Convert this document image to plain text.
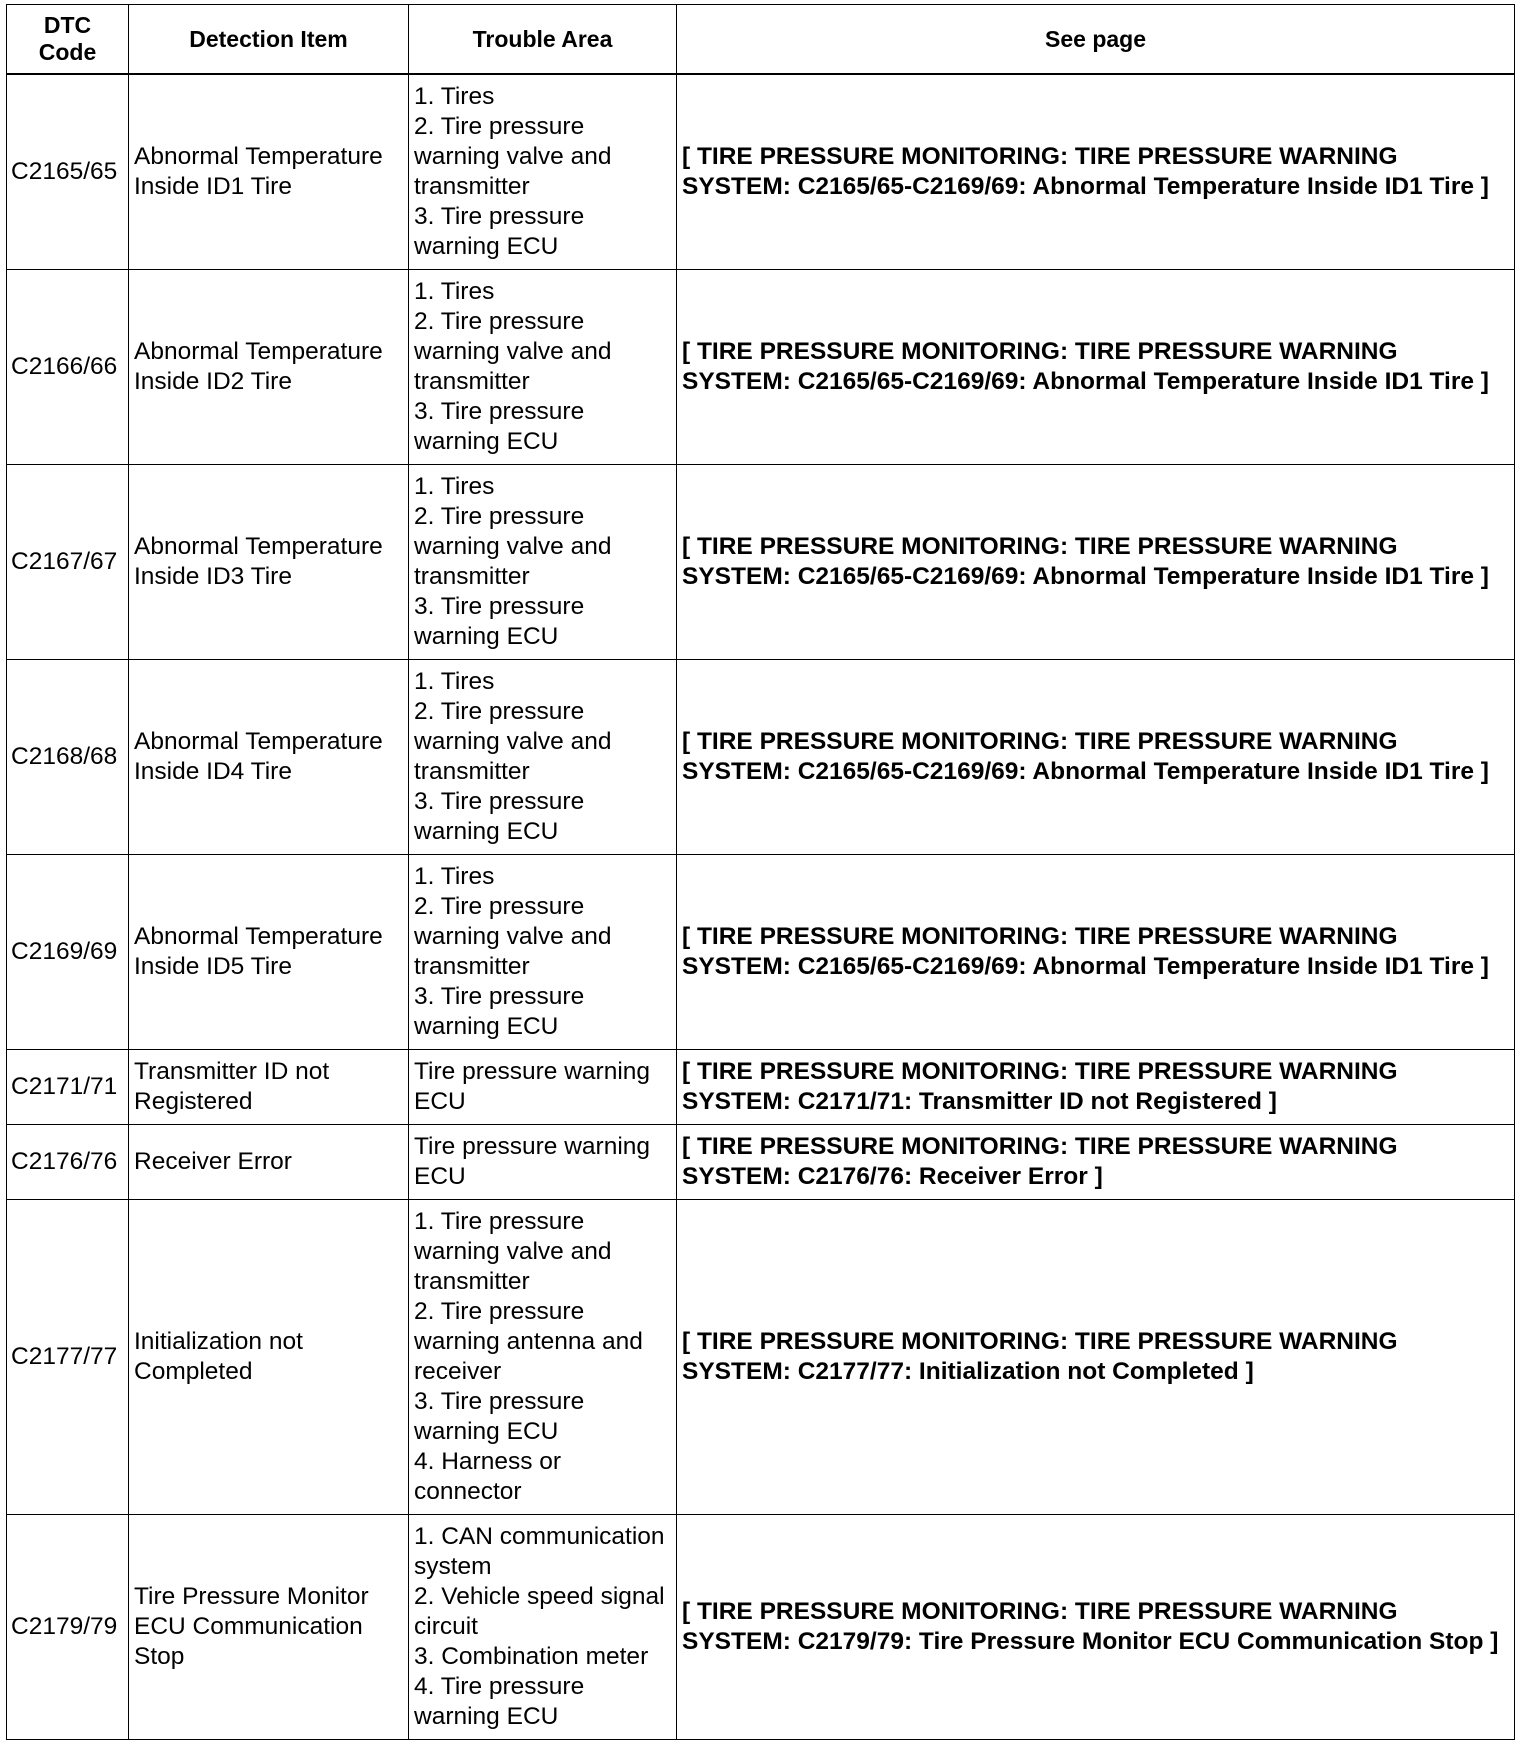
DTC
Code	Detection Item	Trouble Area	See page
C2165/65	Abnormal Temperature Inside ID1 Tire	1. Tires
2. Tire pressure warning valve and transmitter
3. Tire pressure warning ECU	[ TIRE PRESSURE MONITORING: TIRE PRESSURE WARNING SYSTEM: C2165/65-C2169/69: Abnormal Temperature Inside ID1 Tire ]
C2166/66	Abnormal Temperature Inside ID2 Tire	1. Tires
2. Tire pressure warning valve and transmitter
3. Tire pressure warning ECU	[ TIRE PRESSURE MONITORING: TIRE PRESSURE WARNING SYSTEM: C2165/65-C2169/69: Abnormal Temperature Inside ID1 Tire ]
C2167/67	Abnormal Temperature Inside ID3 Tire	1. Tires
2. Tire pressure warning valve and transmitter
3. Tire pressure warning ECU	[ TIRE PRESSURE MONITORING: TIRE PRESSURE WARNING SYSTEM: C2165/65-C2169/69: Abnormal Temperature Inside ID1 Tire ]
C2168/68	Abnormal Temperature Inside ID4 Tire	1. Tires
2. Tire pressure warning valve and transmitter
3. Tire pressure warning ECU	[ TIRE PRESSURE MONITORING: TIRE PRESSURE WARNING SYSTEM: C2165/65-C2169/69: Abnormal Temperature Inside ID1 Tire ]
C2169/69	Abnormal Temperature Inside ID5 Tire	1. Tires
2. Tire pressure warning valve and transmitter
3. Tire pressure warning ECU	[ TIRE PRESSURE MONITORING: TIRE PRESSURE WARNING SYSTEM: C2165/65-C2169/69: Abnormal Temperature Inside ID1 Tire ]
C2171/71	Transmitter ID not Registered	Tire pressure warning ECU	[ TIRE PRESSURE MONITORING: TIRE PRESSURE WARNING SYSTEM: C2171/71: Transmitter ID not Registered ]
C2176/76	Receiver Error	Tire pressure warning ECU	[ TIRE PRESSURE MONITORING: TIRE PRESSURE WARNING SYSTEM: C2176/76: Receiver Error ]
C2177/77	Initialization not Completed	1. Tire pressure warning valve and transmitter
2. Tire pressure warning antenna and receiver
3. Tire pressure warning ECU
4. Harness or connector	[ TIRE PRESSURE MONITORING: TIRE PRESSURE WARNING SYSTEM: C2177/77: Initialization not Completed ]
C2179/79	Tire Pressure Monitor ECU Communication Stop	1. CAN communication system
2. Vehicle speed signal circuit
3. Combination meter
4. Tire pressure warning ECU	[ TIRE PRESSURE MONITORING: TIRE PRESSURE WARNING SYSTEM: C2179/79: Tire Pressure Monitor ECU Communication Stop ]
